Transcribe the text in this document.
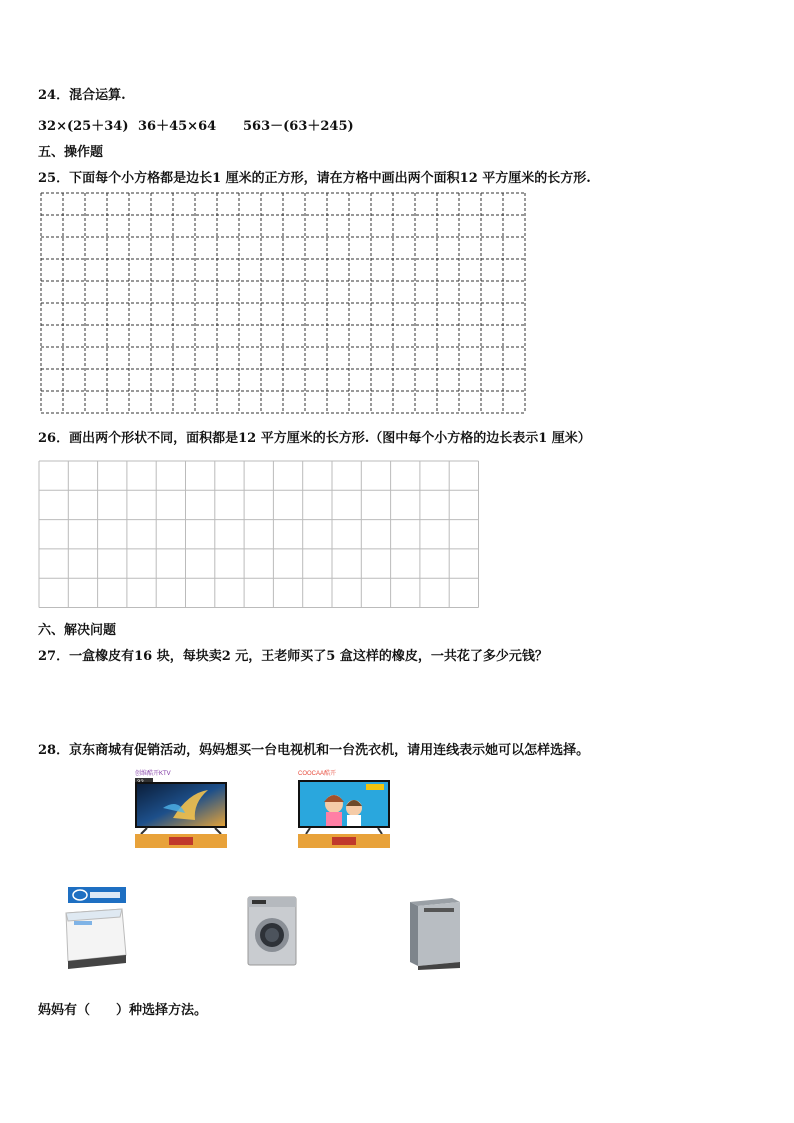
24．混合运算.
32×(25＋34) 36＋45×64 563－(63＋245)
五、操作题
25．下面每个小方格都是边长1 厘米的正方形，请在方格中画出两个面积12 平方厘米的长方形.
26．画出两个形状不同，面积都是12 平方厘米的长方形.（图中每个小方格的边长表示1 厘米）
六、解决问题
27．一盒橡皮有16 块，每块卖2 元，王老师买了5 盒这样的橡皮，一共花了多少元钱？
28．京东商城有促销活动，妈妈想买一台电视机和一台洗衣机，请用连线表示她可以怎样选择。
创维酷开KTV	COOCAA酷开
妈妈有（　　）种选择方法。
